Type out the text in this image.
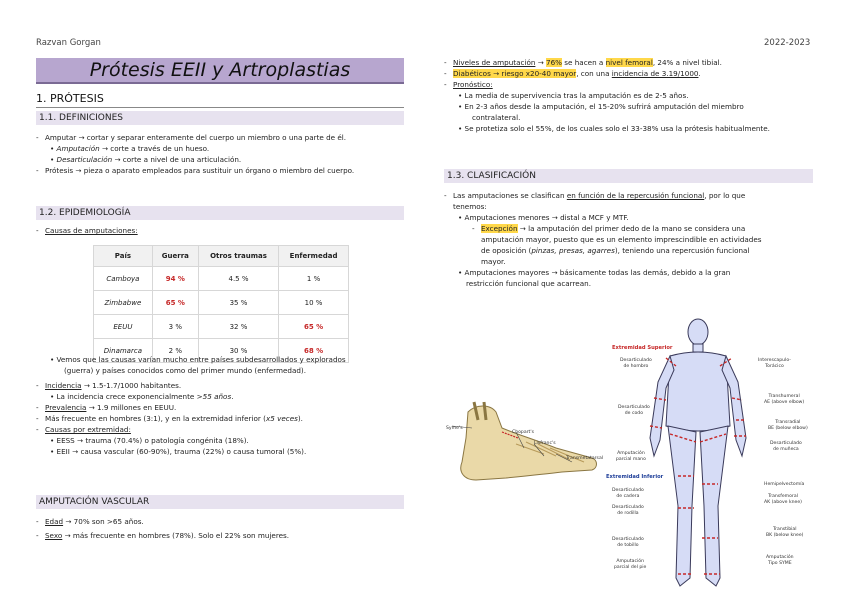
Razvan Gorgan	2022-2023
Prótesis EEII y Artroplastias
1. PRÓTESIS
1.1. DEFINICIONES
- Amputar → cortar y separar enteramente del cuerpo un miembro o una parte de él.
• Amputación → corte a través de un hueso.
• Desarticulación → corte a nivel de una articulación.
- Prótesis → pieza o aparato empleados para sustituir un órgano o miembro del cuerpo.
1.2. EPIDEMIOLOGÍA
- Causas de amputaciones:
País	Guerra	Otros traumas	Enfermedad
Camboya	94 %	4.5 %	1 %
Zimbabwe	65 %	35 %	10 %
EEUU	3 %	32 %	65 %
Dinamarca	2 %	30 %	68 %
• Vemos que las causas varían mucho entre países subdesarrollados y explorados
(guerra) y países conocidos como del primer mundo (enfermedad).
- Incidencia → 1.5-1.7/1000 habitantes.
• La incidencia crece exponencialmente >55 años.
- Prevalencia → 1.9 millones en EEUU.
- Más frecuente en hombres (3:1), y en la extremidad inferior (x5 veces).
- Causas por extremidad:
• EESS → trauma (70.4%) o patología congénita (18%).
• EEII → causa vascular (60-90%), trauma (22%) o causa tumoral (5%).
AMPUTACIÓN VASCULAR
- Edad → 70% son >65 años.
- Sexo → más frecuente en hombres (78%). Solo el 22% son mujeres.
- Niveles de amputación → 76% se hacen a nivel femoral, 24% a nivel tibial.
- Diabéticos → riesgo x20-40 mayor, con una incidencia de 3.19/1000.
- Pronóstico:
• La media de supervivencia tras la amputación es de 2-5 años.
• En 2-3 años desde la amputación, el 15-20% sufrirá amputación del miembro
contralateral.
• Se protetiza solo el 55%, de los cuales solo el 33-38% usa la prótesis habitualmente.
1.3. CLASIFICACIÓN
- Las amputaciones se clasifican en función de la repercusión funcional, por lo que
tenemos:
• Amputaciones menores → distal a MCF y MTF.
- Excepción → la amputación del primer dedo de la mano se considera una
amputación mayor, puesto que es un elemento imprescindible en actividades
de oposición (pinzas, presas, agarres), teniendo una repercusión funcional
mayor.
• Amputaciones mayores → básicamente todas las demás, debido a la gran
restricción funcional que acarrean.
Syme's
Chopart's
Lisfranc's
Transmetatarsal
Extremidad Superior
Extremidad Inferior
Desarticulado
de hombro
Desarticulado
de codo
Amputación
parcial mano
Desarticulado
de cadera
Desarticulado
de rodilla
Desarticulado
de tobillo
Amputación
parcial del pie
Interescapulo-
Torácico
Transhumeral
AE (above elbow)
Transradial
BE (below elbow)
Desarticulado
de muñeca
Hemipelvectomía
Transfemoral
AK (above knee)
Transtibial
BK (below knee)
Amputación
Tipo SYME
